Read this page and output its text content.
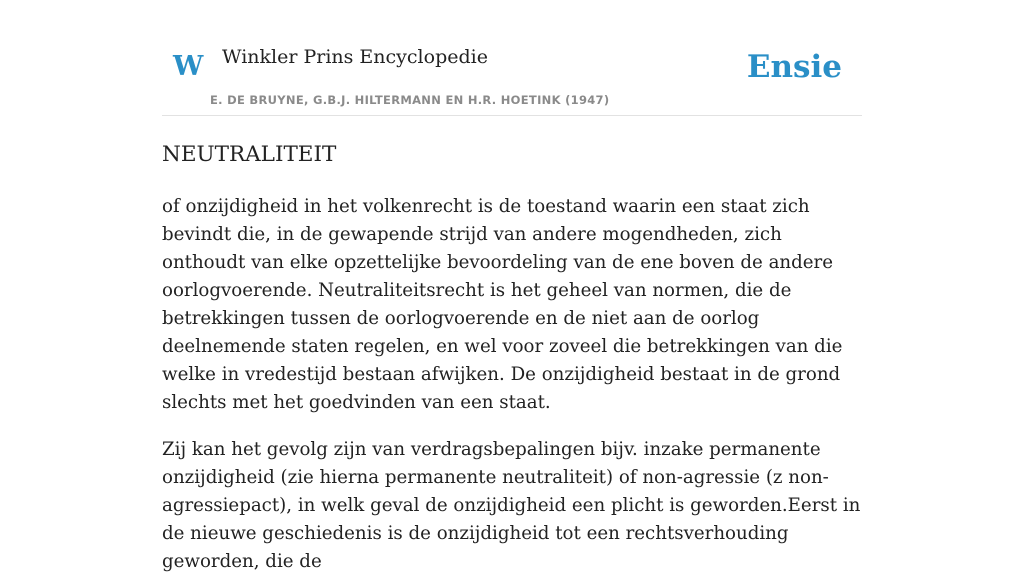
W Winkler Prins Encyclopedie
E. DE BRUYNE, G.B.J. HILTERMANN EN H.R. HOETINK (1947)
Ensie
NEUTRALITEIT

of onzijdigheid in het volkenrecht is de toestand waarin een staat zich bevindt die, in de gewapende strijd van andere mogendheden, zich onthoudt van elke opzettelijke bevoordeling van de ene boven de andere oorlogvoerende. Neutraliteitsrecht is het geheel van normen, die de betrekkingen tussen de oorlogvoerende en de niet aan de oorlog deelnemende staten regelen, en wel voor zoveel die betrekkingen van die welke in vredestijd bestaan afwijken. De onzijdigheid bestaat in de grond slechts met het goedvinden van een staat.

Zij kan het gevolg zijn van verdragsbepalingen bijv. inzake permanente onzijdigheid (zie hierna permanente neutraliteit) of non-agressie (z non-agressiepact), in welk geval de onzijdigheid een plicht is geworden.Eerst in de nieuwe geschiedenis is de onzijdigheid tot een rechtsverhouding geworden, die de
